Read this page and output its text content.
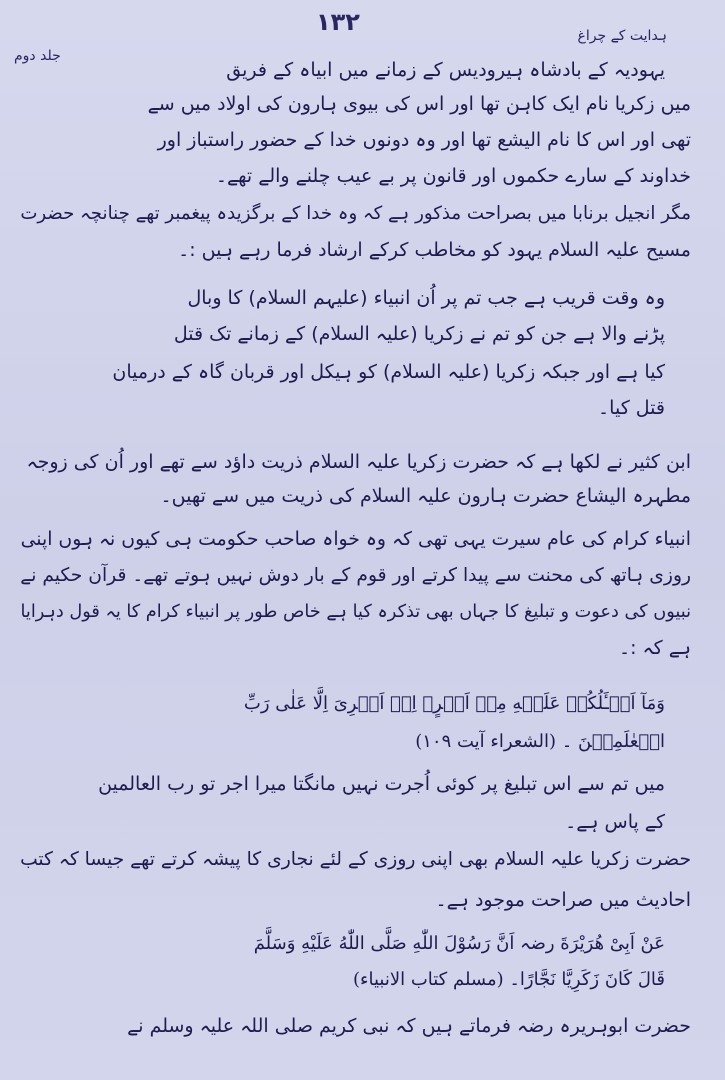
جلد دوم
۱۳۲	ہدایت کے چراغ
یہودیہ کے بادشاہ ہیرودیس کے زمانے میں ابیاہ کے فریق
میں زکریا نام ایک کاہن تھا اور اس کی بیوی ہارون کی اولاد میں سے
تھی اور اس کا نام الیشع تھا اور وہ دونوں خدا کے حضور راستباز اور
خداوند کے سارے حکموں اور قانون پر بے عیب چلنے والے تھے۔
مگر انجیل برنابا میں بصراحت مذکور ہے کہ وہ خدا کے برگزیدہ پیغمبر تھے چنانچہ حضرت
مسیح علیہ السلام یہود کو مخاطب کرکے ارشاد فرما رہے ہیں :۔
وہ وقت قریب ہے جب تم پر اُن انبیاء (علیہم السلام) کا وبال
پڑنے والا ہے جن کو تم نے زکریا (علیہ السلام) کے زمانے تک قتل
کیا ہے اور جبکہ زکریا (علیہ السلام) کو ہیکل اور قربان گاہ کے درمیان
قتل کیا۔
ابن کثیر نے لکھا ہے کہ حضرت زکریا علیہ السلام ذریت داؤد سے تھے اور اُن کی زوجہ
مطہرہ الیشاع حضرت ہارون علیہ السلام کی ذریت میں سے تھیں۔
انبیاء کرام کی عام سیرت یہی تھی کہ وہ خواہ صاحب حکومت ہی کیوں نہ ہوں اپنی
روزی ہاتھ کی محنت سے پیدا کرتے اور قوم کے بار دوش نہیں ہوتے تھے۔ قرآن حکیم نے
نبیوں کی دعوت و تبلیغ کا جہاں بھی تذکرہ کیا ہے خاص طور پر انبیاء کرام کا یہ قول دہرایا
ہے کہ :۔
وَمَآ اَسۡـَٔلُكُمۡ عَلَيۡهِ مِنۡ اَجۡرٍ‌ۚ اِنۡ اَجۡرِىَ اِلَّا عَلٰى رَبِّ
الۡعٰلَمِيۡنَ ۔ (الشعراء آیت ۱۰۹)
میں تم سے اس تبلیغ پر کوئی اُجرت نہیں مانگتا میرا اجر تو رب العالمین
کے پاس ہے۔
حضرت زکریا علیہ السلام بھی اپنی روزی کے لئے نجاری کا پیشہ کرتے تھے جیسا کہ کتب
احادیث میں صراحت موجود ہے۔
عَنْ اَبِیْ هُرَیْرَةَ رضہ اَنَّ رَسُوْلَ اللّٰهِ صَلَّى اللّٰهُ عَلَيْهِ وَسَلَّمَ
قَالَ كَانَ زَكَرِيَّا نَجَّارًا۔ (مسلم کتاب الانبیاء)
حضرت ابوہریرہ رضہ فرماتے ہیں کہ نبی کریم صلی اللہ علیہ وسلم نے
